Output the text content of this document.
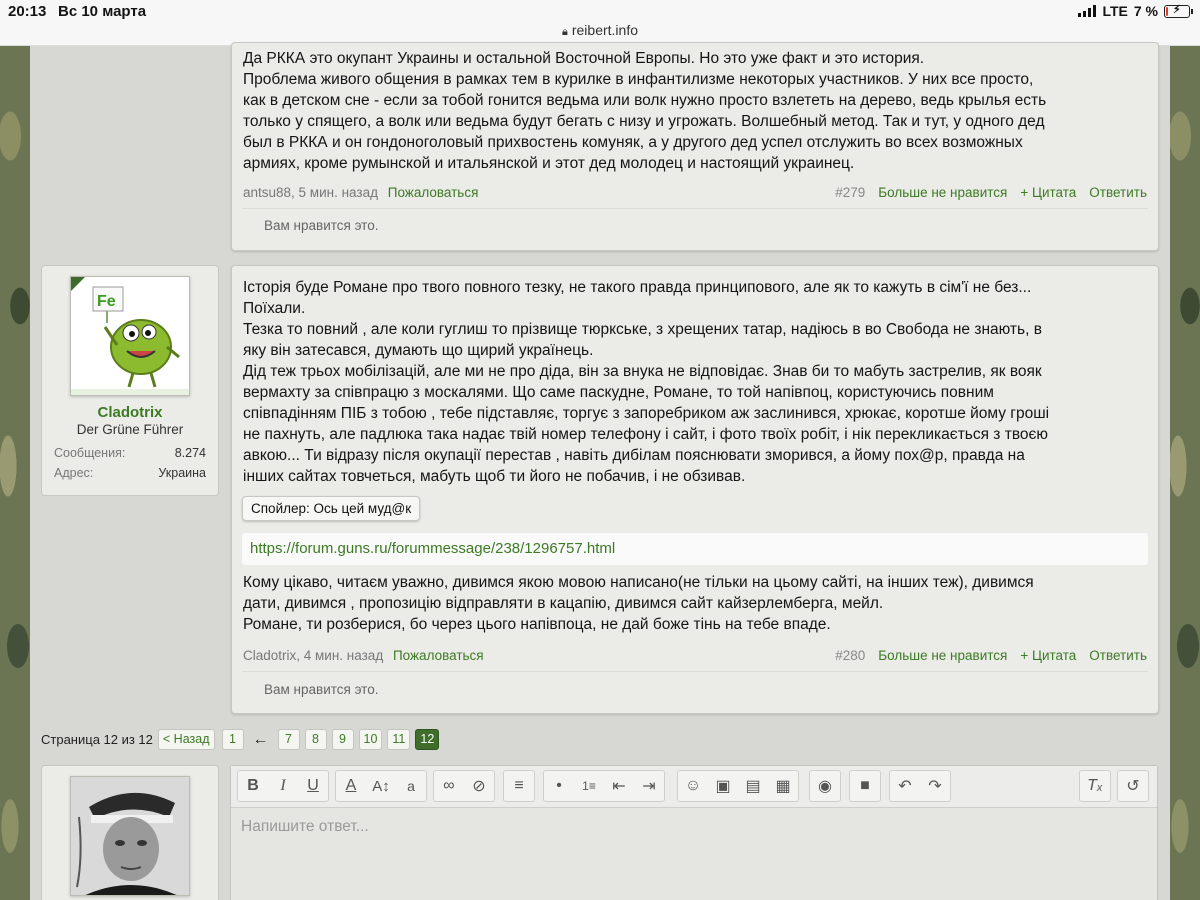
20:13 Вс 10 марта
🔒︎ reibert.info
LTE 7 % ⚡︎

Да РККА это окупант Украины и остальной Восточной Европы. Но это уже факт и это история.

Проблема живого общения в рамках тем в курилке в инфантилизме некоторых участников. У них все просто,

как в детском сне - если за тобой гонится ведьма или волк нужно просто взлететь на дерево, ведь крылья есть

только у спящего, а волк или ведьма будут бегать с низу и угрожать. Волшебный метод. Так и тут, у одного дед

был в РККА и он гондоноголовый прихвостень комуняк, а у другого дед успел отслужить во всех возможных

армиях, кроме румынской и итальянской и этот дед молодец и настоящий украинец.

antsu88, 5 мин. назад Пожаловаться	#279 Больше не нравится + Цитата Ответить
Вам нравится это.
Fe
Cladotrix
Der Grüne Führer
Сообщения:	8.274
Адрес:	Украина

Історія буде Романе про твого повного тезку, не такого правда принципового, але як то кажуть в сім'ї не без...

Поїхали.

Тезка то повний , але коли гуглиш то прізвище тюркське, з хрещених татар, надіюсь в во Свобода не знають, в

яку він затесався, думають що щирий українець.

Дід теж трьох мобілізацій, але ми не про діда, він за внука не відповідає. Знав би то мабуть застрелив, як вояк

вермахту за співпрацю з москалями. Що саме паскудне, Романе, то той напівпоц, користуючись повним

співпадінням ПІБ з тобою , тебе підставляє, торгує з запоребриком аж заслинився, хрюкає, коротше йому гроші

не пахнуть, але падлюка така надає твій номер телефону і сайт, і фото твоїх робіт, і нік перекликається з твоєю

авкою... Ти відразу після окупації перестав , навіть дибілам пояснювати зморився, а йому пох@р, правда на

інших сайтах товчеться, мабуть щоб ти його не побачив, і не обзивав.

Спойлер: Ось цей муд@к
https://forum.guns.ru/forummessage/238/1296757.html

Кому цікаво, читаєм уважно, дивимся якою мовою написано(не тільки на цьому сайті, на інших теж), дивимся

дати, дивимся , пропозицію відправляти в кацапію, дивимся сайт кайзерлемберга, мейл.

Романе, ти розберися, бо через цього напівпоца, не дай боже тінь на тебе впаде.

Cladotrix, 4 мин. назад Пожаловаться	#280 Больше не нравится + Цитата Ответить
Вам нравится это.
Страница 12 из 12 < Назад	1	←	7	8	9	10	11	12
B	I	U	A	A↕︎	a	∞︎	⊘︎	≡︎	•	1≡︎	⇤︎	⇥︎	☺︎ ▣︎ ▤︎ ▦︎	◉︎	■︎	↶︎	↷︎	Tₓ	↺︎
Напишите ответ...
